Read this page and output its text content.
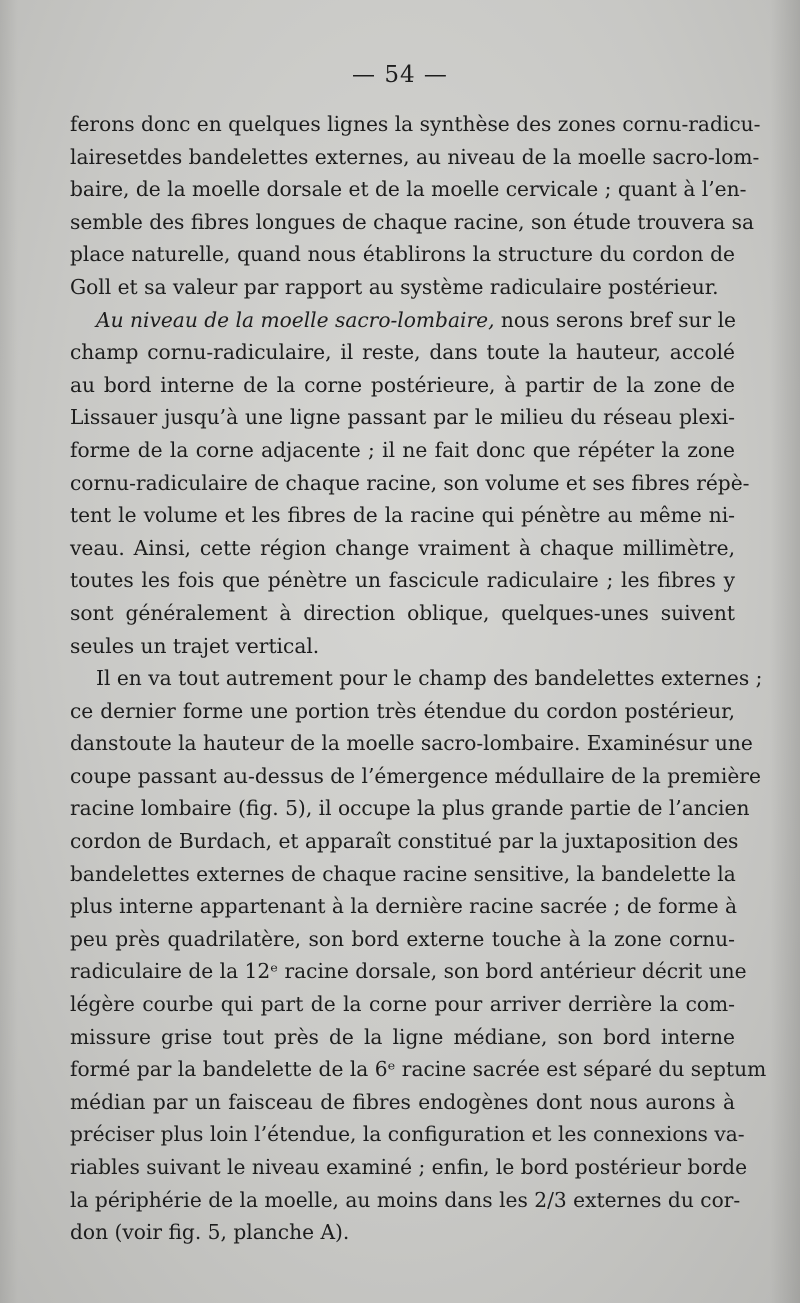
— 54 —
ferons donc en quelques lignes la synthèse des zones cornu-radicu-
lairesetdes bandelettes externes, au niveau de la moelle sacro-lom-
baire, de la moelle dorsale et de la moelle cervicale ; quant à l’en-
semble des fibres longues de chaque racine, son étude trouvera sa
place naturelle, quand nous établirons la structure du cordon de
Goll et sa valeur par rapport au système radiculaire postérieur.
Au niveau de la moelle sacro-lombaire, nous serons bref sur le
champ cornu-radiculaire, il reste, dans toute la hauteur, accolé
au bord interne de la corne postérieure, à partir de la zone de
Lissauer jusqu’à une ligne passant par le milieu du réseau plexi-
forme de la corne adjacente ; il ne fait donc que répéter la zone
cornu-radiculaire de chaque racine, son volume et ses fibres répè-
tent le volume et les fibres de la racine qui pénètre au même ni-
veau. Ainsi, cette région change vraiment à chaque millimètre,
toutes les fois que pénètre un fascicule radiculaire ; les fibres y
sont généralement à direction oblique, quelques-unes suivent
seules un trajet vertical.
Il en va tout autrement pour le champ des bandelettes externes ;
ce dernier forme une portion très étendue du cordon postérieur,
danstoute la hauteur de la moelle sacro-lombaire. Examinésur une
coupe passant au-dessus de l’émergence médullaire de la première
racine lombaire (fig. 5), il occupe la plus grande partie de l’ancien
cordon de Burdach, et apparaît constitué par la juxtaposition des
bandelettes externes de chaque racine sensitive, la bandelette la
plus interne appartenant à la dernière racine sacrée ; de forme à
peu près quadrilatère, son bord externe touche à la zone cornu-
radiculaire de la 12ᵉ racine dorsale, son bord antérieur décrit une
légère courbe qui part de la corne pour arriver derrière la com-
missure grise tout près de la ligne médiane, son bord interne
formé par la bandelette de la 6ᵉ racine sacrée est séparé du septum
médian par un faisceau de fibres endogènes dont nous aurons à
préciser plus loin l’étendue, la configuration et les connexions va-
riables suivant le niveau examiné ; enfin, le bord postérieur borde
la périphérie de la moelle, au moins dans les 2/3 externes du cor-
don (voir fig. 5, planche A).
